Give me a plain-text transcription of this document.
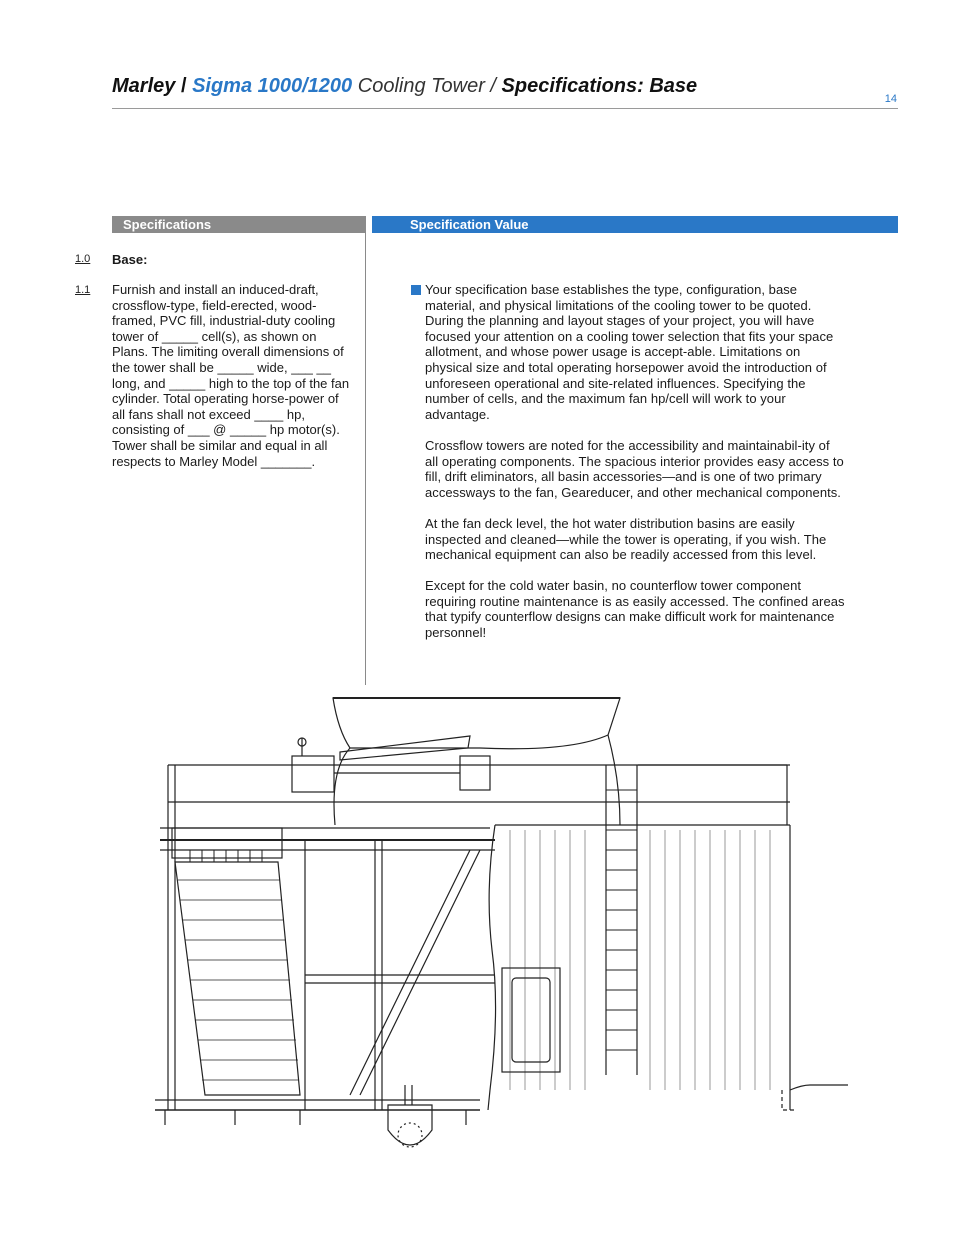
Marley / Sigma 1000/1200 Cooling Tower / Specifications: Base
14
Specifications	Specification Value
1.0 Base:
1.1 Furnish and install an induced-draft, crossflow-type, field-erected, wood-framed, PVC fill, industrial-duty cooling tower of _____ cell(s), as shown on Plans. The limiting overall dimensions of the tower shall be _____ wide, ___ __ long, and _____ high to the top of the fan cylinder. Total operating horse-power of all fans shall not exceed ____ hp, consisting of ___ @ _____ hp motor(s). Tower shall be similar and equal in all respects to Marley Model _______.

Your specification base establishes the type, configuration, base material, and physical limitations of the cooling tower to be quoted. During the planning and layout stages of your project, you will have focused your attention on a cooling tower selection that fits your space allotment, and whose power usage is accept-able. Limitations on physical size and total operating horsepower avoid the introduction of unforeseen operational and site-related influences. Specifying the number of cells, and the maximum fan hp/cell will work to your advantage.

Crossflow towers are noted for the accessibility and maintainabil-ity of all operating components. The spacious interior provides easy access to fill, drift eliminators, all basin accessories—and is one of two primary accessways to the fan, Geareducer, and other mechanical components.

At the fan deck level, the hot water distribution basins are easily inspected and cleaned—while the tower is operating, if you wish. The mechanical equipment can also be readily accessed from this level.

Except for the cold water basin, no counterflow tower component requiring routine maintenance is as easily accessed. The confined areas that typify counterflow designs can make difficult work for maintenance personnel!
